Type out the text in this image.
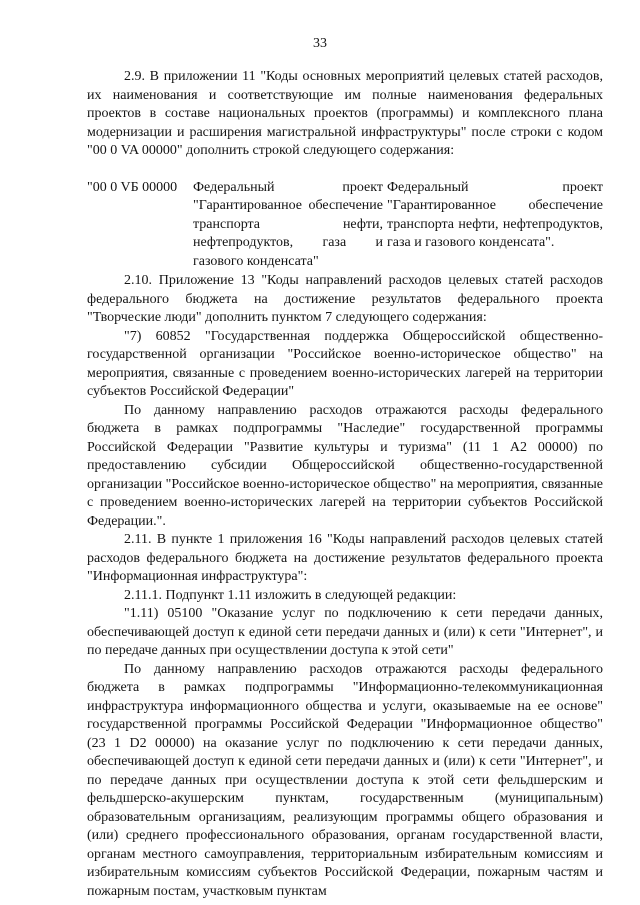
33

2.9. В приложении 11 "Коды основных мероприятий целевых статей расходов, их наименования и соответствующие им полные наименования федеральных проектов в составе национальных проектов (программы) и комплексного плана модернизации и расширения магистральной инфраструктуры" после строки с кодом "00 0 VA 00000" дополнить строкой следующего содержания:

"00 0 VБ 00000	Федеральный проект "Гарантированное обеспечение транспорта нефти, нефтепродуктов, газа и газового конденсата"
Федеральный проект "Гарантированное обеспечение транспорта нефти, нефтепродуктов, газа и газового конденсата".

2.10. Приложение 13 "Коды направлений расходов целевых статей расходов федерального бюджета на достижение результатов федерального проекта "Творческие люди" дополнить пунктом 7 следующего содержания:

"7) 60852 "Государственная поддержка Общероссийской общественно-государственной организации "Российское военно-историческое общество" на мероприятия, связанные с проведением военно-исторических лагерей на территории субъектов Российской Федерации"

По данному направлению расходов отражаются расходы федерального бюджета в рамках подпрограммы "Наследие" государственной программы Российской Федерации "Развитие культуры и туризма" (11 1 A2 00000) по предоставлению субсидии Общероссийской общественно-государственной организации "Российское военно-историческое общество" на мероприятия, связанные с проведением военно-исторических лагерей на территории субъектов Российской Федерации.".

2.11. В пункте 1 приложения 16 "Коды направлений расходов целевых статей расходов федерального бюджета на достижение результатов федерального проекта "Информационная инфраструктура":

2.11.1. Подпункт 1.11 изложить в следующей редакции:

"1.11) 05100 "Оказание услуг по подключению к сети передачи данных, обеспечивающей доступ к единой сети передачи данных и (или) к сети "Интернет", и по передаче данных при осуществлении доступа к этой сети"

По данному направлению расходов отражаются расходы федерального бюджета в рамках подпрограммы "Информационно-телекоммуникационная инфраструктура информационного общества и услуги, оказываемые на ее основе" государственной программы Российской Федерации "Информационное общество" (23 1 D2 00000) на оказание услуг по подключению к сети передачи данных, обеспечивающей доступ к единой сети передачи данных и (или) к сети "Интернет", и по передаче данных при осуществлении доступа к этой сети фельдшерским и фельдшерско-акушерским пунктам, государственным (муниципальным) образовательным организациям, реализующим программы общего образования и (или) среднего профессионального образования, органам государственной власти, органам местного самоуправления, территориальным избирательным комиссиям и избирательным комиссиям субъектов Российской Федерации, пожарным частям и пожарным постам, участковым пунктам
